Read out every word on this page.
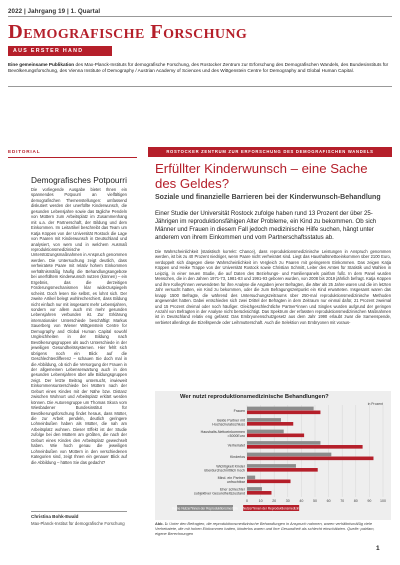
2022 | Jahrgang 19 | 1. Quartal
Demografische Forschung
AUS ERSTER HAND
Eine gemeinsame Publikation des Max-Planck-Instituts für demografische Forschung, des Rostocker Zentrum zur Erforschung des Demografischen Wandels, des Bundesinstituts für Bevölkerungsforschung, des Vienna Institute of Demography / Austrian Academy of Sciences und des Wittgenstein Centre for Demography and Global Human Capital.
EDITORIAL
Demografisches Potpourri
Die vorliegende Ausgabe bietet Ihnen ein spannendes Potpourri an vielfältigen demografischen Themenstellungen: umfassend diskutiert werden der unerfüllte Kinderwunsch, die gesunden Lebensjahre sowie das tägliche Pendeln von Müttern zum Arbeitsplatz im Zusammenhang mit u.a. der Partnerschaft, der Bildung und dem Einkommen. Im Leitartikel beschreibt das Team um Katja Köppen von der Universität Rostock die Lage von Paaren mit Kinderwunsch in Deutschland und analysiert, von wem und in welchem Ausmaß reproduktionsmedizinische Unterstützungsmaßnahmen in Anspruch genommen werden. Die Untersuchung zeigt deutlich, dass verheiratete Paare mit relativ hohem Einkommen verhältnismäßig häufig die Behandlungsangebote bei unerfülltem Kinderwunsch nutzen (können) – ein Ergebnis, das die derzeitigen Förderungsmechanismen klar widerzuspiegeln scheint. Doch lesen Sie selbst, es lohnt sich. Der zweite Artikel belegt wohlrecherchiert, dass Bildung nicht einfach nur mit insgesamt mehr Lebensjahren, sondern vor allem auch mit mehr gesunden Lebensjahren verbunden ist. Zur Erklärung internationaler Unterschiede beschäftigt Markus Sauerberg von Wiener Wittgenstein Centre for Demography and Global Human Capital sowohl Ungleichheiten in der Bildung nach Bevölkerungsgruppen als auch Unterschiede in der jeweiligen Gesundheitssystemen. Hier fehlt sich übrigens noch ein Blick auf die Geschlechterdifferenz – schauen Sie doch mal in die Abbildung, ob sich die Versorgung der Frauen in der allgemeinen Lebenserwartung auch in den gesunden Lebensjahren über alle Bildungsgruppen zeigt. Der letzte Beitrag untersucht, inwieweit Einkommensunterschiede bei Müttern nach der Geburt eines Kindes mit der Nähe bzw. Distanz zwischen Wohnort und Arbeitsplatz erklärt werden können. Die Autorengruppe um Thomas Skora vom Wiesbadener Bundesinstitut für Bevölkerungsforschung findet heraus, dass Mütter, die zur Arbeit pendeln, deutlich geringere Lohneinbußen haben als Mütter, die nah am Arbeitsplatz wohnen. Dieser Effekt ist der Studie zufolge bei den Müttern am größten, die nach der Geburt eines Kindes den Arbeitsplatz gewechselt haben. Wie hoch genau die jeweiligen Lohneinbußen von Müttern in den verschiedenen Kategorien sind, zeigt Ihnen ein genauer Blick auf die Abbildung – hätten Sie das gedacht?
Christina Bohk-Ewald
Max-Planck-Institut für demografische Forschung
ROSTOCKER ZENTRUM ZUR ERFORSCHUNG DES DEMOGRAFISCHEN WANDELS
Erfüllter Kinderwunsch – eine Sache des Geldes?
Soziale und finanzielle Barrieren bei der Kinderwunsch-Behandlung
Einer Studie der Universität Rostock zufolge haben rund 13 Prozent der über 25-Jährigen im reproduktionsfähigen Alter Probleme, ein Kind zu bekommen. Ob sich Männer und Frauen in diesem Fall jedoch medizinische Hilfe suchen, hängt unter anderem von ihrem Einkommen und vom Partnerschaftsstatus ab.
Die Wahrscheinlichkeit (statistisch korrekt: Chance), dass reproduktionsmedizinische Leistungen in Anspruch genommen werden, ist bis zu 40 Prozent niedriger, wenn Paare nicht verheiratet sind. Liegt das Haushaltsnettoeinkommen über 2100 Euro, verdoppelt sich dagegen diese Wahrscheinlichkeit im Vergleich zu Paaren mit geringerem Einkommen. Das zeigen Katja Köppen und Heike Trappe von der Universität Rostock sowie Christian Schmitt, Leiter des Amtes für Statistik und Wahlen in Leipzig, in einer neuen Studie, die auf Daten des Beziehungs- und Familienpanels pairfam fußt. In dem Panel wurden Menschen, die in den Jahren 1971-73, 1981-83 und 1991-93 geboren wurden, von 2008 bis 2019 jährlich befragt. Katja Köppen und ihre Kolleg*innen verwendeten für ihre Analyse die Angaben jener Befragten, die älter als 25 Jahre waren und die im letzten Jahr versucht hatten, ein Kind zu bekommen, oder die zum Befragungszeitpunkt ein Kind erwarteten. Insgesamt waren das knapp 1500 Befragte, die während des Untersuchungszeitraums über 250-mal reproduktionsmedizinische Methoden angewendet hatten. Dabei entschieden sich zwei Drittel der Befragten in dem Zeitraum nur einmal dafür, 21 Prozent zweimal und 15 Prozent dreimal oder noch häufiger. Gleichgeschlechtliche Partner*innen und Singles wurden aufgrund der geringen Anzahl von Befragten in der Analyse nicht berücksichtigt. Das Spektrum der erfassten reproduktionsmedizinischen Maßnahmen ist in Deutschland relativ eng gefasst: Das Embryonenschutzgesetz aus dem Jahr 1990 erlaubt zwar die Samenspende, verbietet allerdings die Eizellspende oder Leihmutterschaft. Auch die Selektion von Embryonen mit voraus-
Wer nutzt reproduktionsmedizinische Behandlungen?
0	10	20	30	40	50	60	70	80	90 100
in Prozent
Frauen
Beide Partner mit
Hochschulabschluss
Haushalts-Nettoeinkommen
>3000Euro
Verheiratet
Kinderlos
Wichtigkeit Kinder
überdurchschnittlich hoch
Mind. ein Partner
unfruchtbar
Eher schlechter
subjektiver Gesundheitszustand
Keine Nutzer*innen der Reproduktionsmedizin Nutzer*innen der Reproduktionsmedizin
Abb. 1: Unter den Befragten, die reproduktionsmedizinische Behandlungen in Anspruch nahmen, waren verhältnismäßig viele Verheiratete, die mit hohen Einkommen hatten, kinderlos waren und ihre Gesundheit als schlecht einschätzten. Quelle: pairfam, eigene Berechnungen
1
